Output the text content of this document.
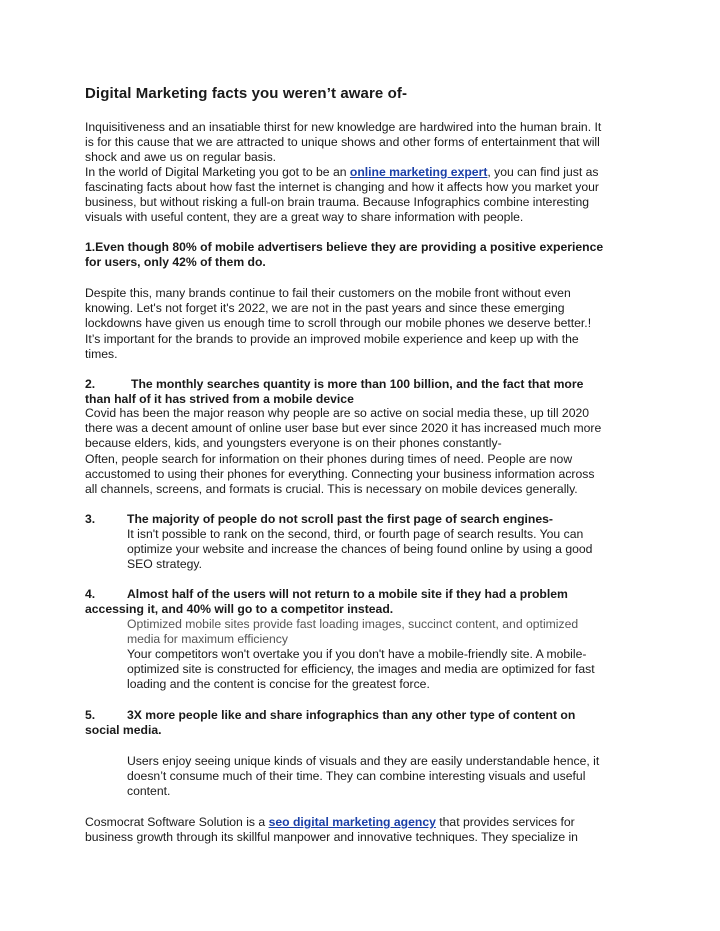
Digital Marketing facts you weren’t aware of-
Inquisitiveness and an insatiable thirst for new knowledge are hardwired into the human brain. It
is for this cause that we are attracted to unique shows and other forms of entertainment that will
shock and awe us on regular basis.
In the world of Digital Marketing you got to be an online marketing expert, you can find just as
fascinating facts about how fast the internet is changing and how it affects how you market your
business, but without risking a full-on brain trauma. Because Infographics combine interesting
visuals with useful content, they are a great way to share information with people.
1.Even though 80% of mobile advertisers believe they are providing a positive experience
for users, only 42% of them do.
Despite this, many brands continue to fail their customers on the mobile front without even
knowing. Let's not forget it's 2022, we are not in the past years and since these emerging
lockdowns have given us enough time to scroll through our mobile phones we deserve better.!
It’s important for the brands to provide an improved mobile experience and keep up with the
times.
2.	The monthly searches quantity is more than 100 billion, and the fact that more
than half of it has strived from a mobile device
Covid has been the major reason why people are so active on social media these, up till 2020
there was a decent amount of online user base but ever since 2020 it has increased much more
because elders, kids, and youngsters everyone is on their phones constantly-
Often, people search for information on their phones during times of need. People are now
accustomed to using their phones for everything. Connecting your business information across
all channels, screens, and formats is crucial. This is necessary on mobile devices generally.
3.	The majority of people do not scroll past the first page of search engines-
It isn't possible to rank on the second, third, or fourth page of search results. You can
optimize your website and increase the chances of being found online by using a good
SEO strategy.
4.	Almost half of the users will not return to a mobile site if they had a problem
accessing it, and 40% will go to a competitor instead.
Optimized mobile sites provide fast loading images, succinct content, and optimized
media for maximum efficiency
Your competitors won't overtake you if you don't have a mobile-friendly site. A mobile-
optimized site is constructed for efficiency, the images and media are optimized for fast
loading and the content is concise for the greatest force.
5.	3X more people like and share infographics than any other type of content on
social media.
Users enjoy seeing unique kinds of visuals and they are easily understandable hence, it
doesn’t consume much of their time. They can combine interesting visuals and useful
content.
Cosmocrat Software Solution is a seo digital marketing agency that provides services for
business growth through its skillful manpower and innovative techniques. They specialize in
